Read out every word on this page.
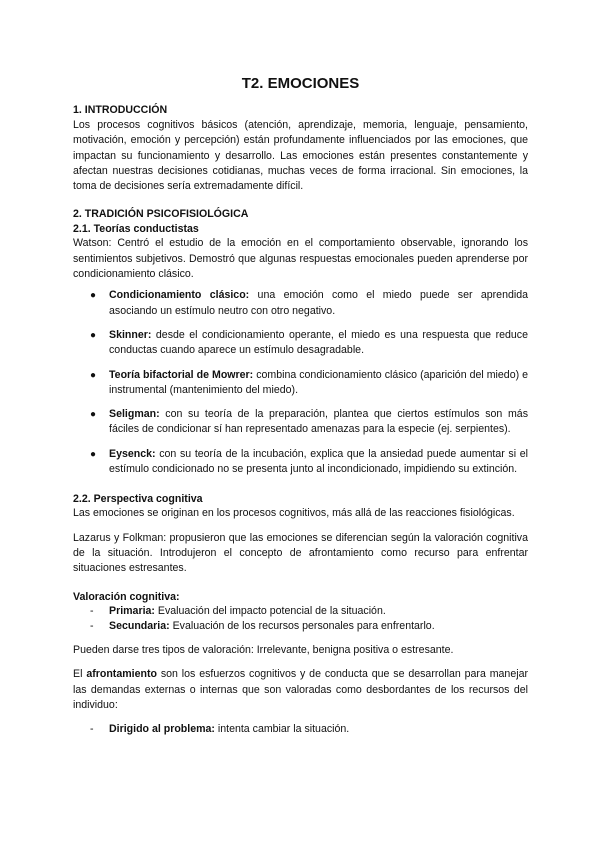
T2. EMOCIONES
1. INTRODUCCIÓN

Los procesos cognitivos básicos (atención, aprendizaje, memoria, lenguaje, pensamiento, motivación, emoción y percepción) están profundamente influenciados por las emociones, que impactan su funcionamiento y desarrollo. Las emociones están presentes constantemente y afectan nuestras decisiones cotidianas, muchas veces de forma irracional. Sin emociones, la toma de decisiones sería extremadamente difícil.

2. TRADICIÓN PSICOFISIOLÓGICA
2.1. Teorías conductistas

Watson: Centró el estudio de la emoción en el comportamiento observable, ignorando los sentimientos subjetivos. Demostró que algunas respuestas emocionales pueden aprenderse por condicionamiento clásico.

● Condicionamiento clásico: una emoción como el miedo puede ser aprendida asociando un estímulo neutro con otro negativo.
● Skinner: desde el condicionamiento operante, el miedo es una respuesta que reduce conductas cuando aparece un estímulo desagradable.
● Teoría bifactorial de Mowrer: combina condicionamiento clásico (aparición del miedo) e instrumental (mantenimiento del miedo).
● Seligman: con su teoría de la preparación, plantea que ciertos estímulos son más fáciles de condicionar sí han representado amenazas para la especie (ej. serpientes).
● Eysenck: con su teoría de la incubación, explica que la ansiedad puede aumentar si el estímulo condicionado no se presenta junto al incondicionado, impidiendo su extinción.
2.2. Perspectiva cognitiva

Las emociones se originan en los procesos cognitivos, más allá de las reacciones fisiológicas.

Lazarus y Folkman: propusieron que las emociones se diferencian según la valoración cognitiva de la situación. Introdujeron el concepto de afrontamiento como recurso para enfrentar situaciones estresantes.

Valoración cognitiva:
- Primaria: Evaluación del impacto potencial de la situación.
- Secundaria: Evaluación de los recursos personales para enfrentarlo.

Pueden darse tres tipos de valoración: Irrelevante, benigna positiva o estresante.

El afrontamiento son los esfuerzos cognitivos y de conducta que se desarrollan para manejar las demandas externas o internas que son valoradas como desbordantes de los recursos del individuo:

- Dirigido al problema: intenta cambiar la situación.
